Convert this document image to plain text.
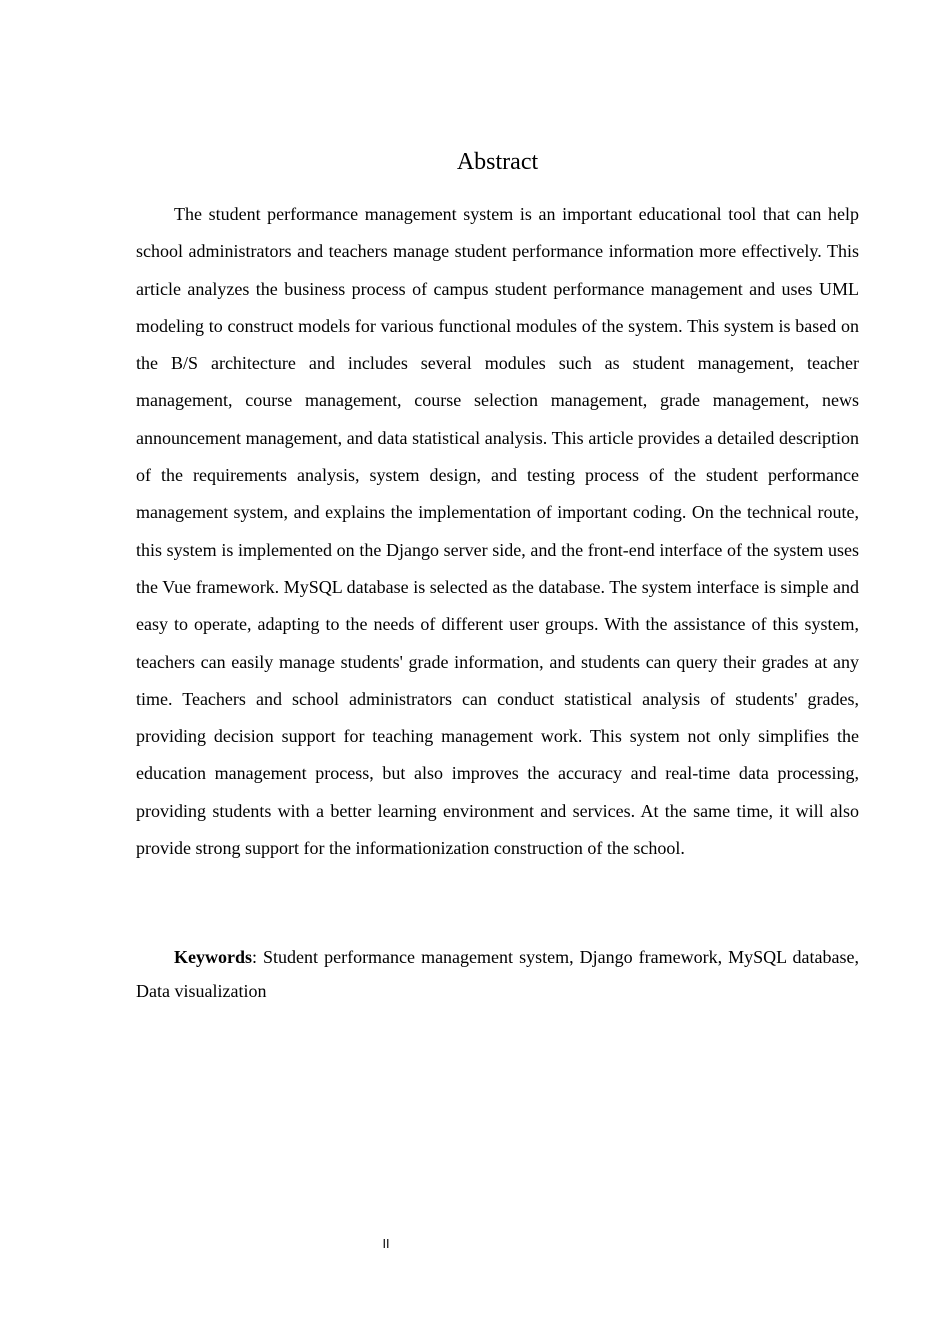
Abstract

The student performance management system is an important educational tool that can help school administrators and teachers manage student performance information more effectively. This article analyzes the business process of campus student performance management and uses UML modeling to construct models for various functional modules of the system. This system is based on the B/S architecture and includes several modules such as student management, teacher management, course management, course selection management, grade management, news announcement management, and data statistical analysis. This article provides a detailed description of the requirements analysis, system design, and testing process of the student performance management system, and explains the implementation of important coding. On the technical route, this system is implemented on the Django server side, and the front-end interface of the system uses the Vue framework. MySQL database is selected as the database. The system interface is simple and easy to operate, adapting to the needs of different user groups. With the assistance of this system, teachers can easily manage students' grade information, and students can query their grades at any time. Teachers and school administrators can conduct statistical analysis of students' grades, providing decision support for teaching management work. This system not only simplifies the education management process, but also improves the accuracy and real-time data processing, providing students with a better learning environment and services. At the same time, it will also provide strong support for the informationization construction of the school.

Keywords: Student performance management system, Django framework, MySQL database, Data visualization

II
